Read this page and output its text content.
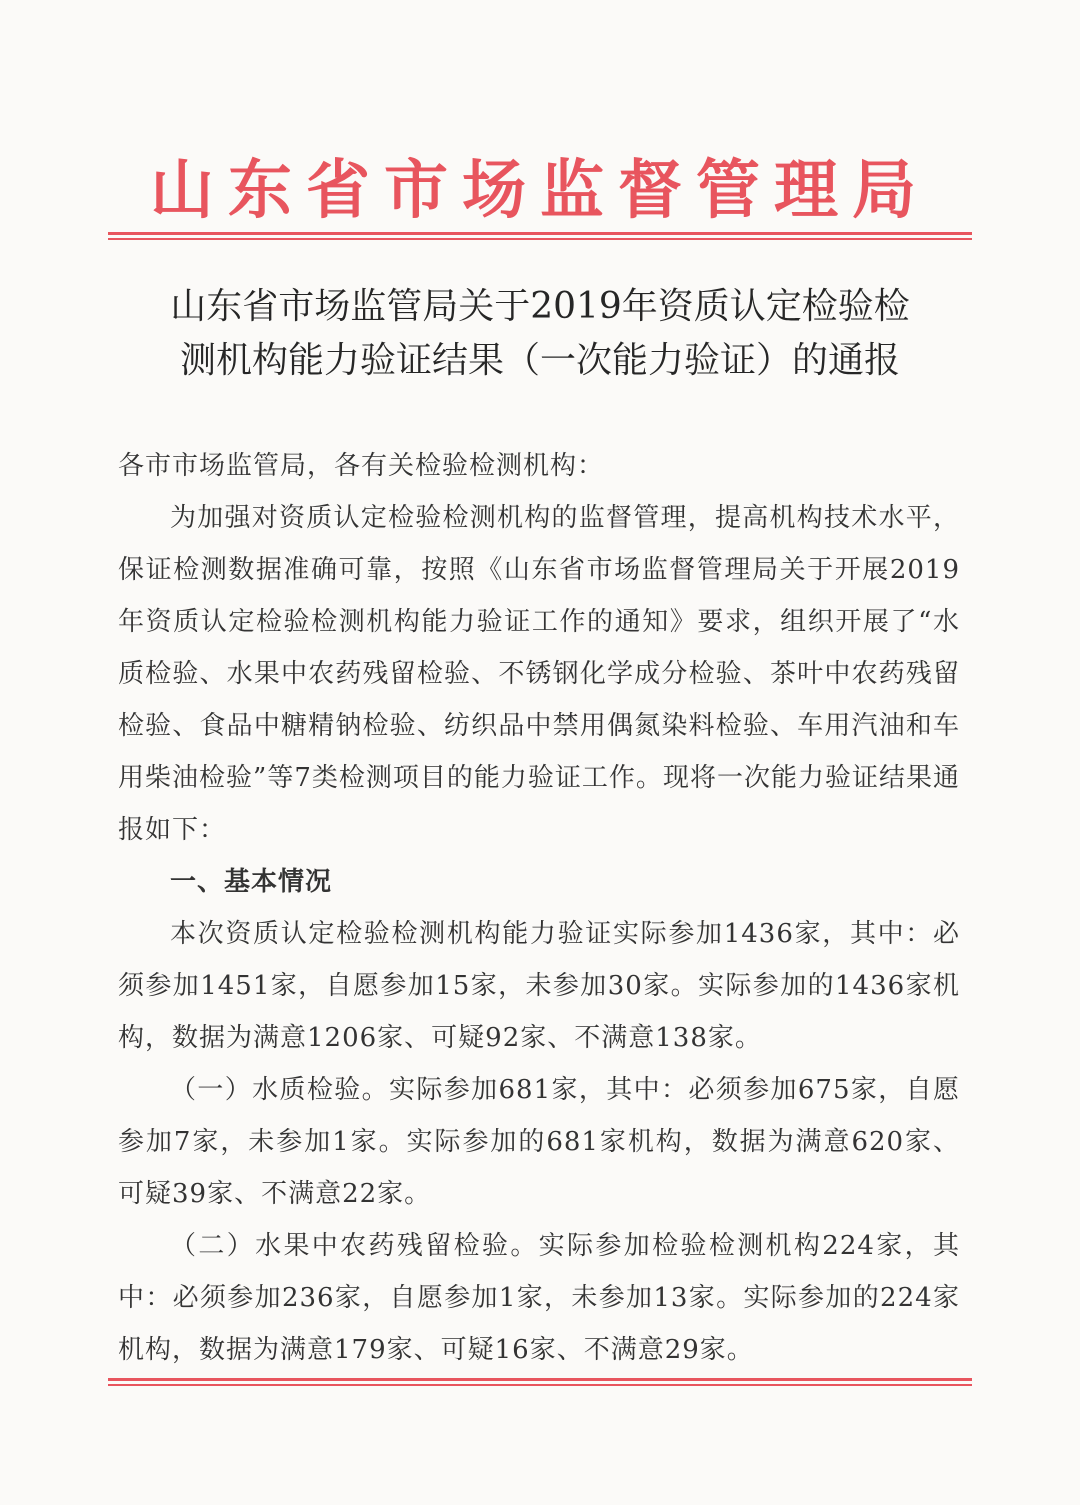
山东省市场监督管理局
山东省市场监管局关于2019年资质认定检验检
测机构能力验证结果（一次能力验证）的通报

各市市场监管局，各有关检验检测机构：

为加强对资质认定检验检测机构的监督管理，提高机构技术水平，保证检测数据准确可靠，按照《山东省市场监督管理局关于开展2019年资质认定检验检测机构能力验证工作的通知》要求，组织开展了“水质检验、水果中农药残留检验、不锈钢化学成分检验、茶叶中农药残留检验、食品中糖精钠检验、纺织品中禁用偶氮染料检验、车用汽油和车用柴油检验”等7类检测项目的能力验证工作。现将一次能力验证结果通报如下：

一、基本情况

本次资质认定检验检测机构能力验证实际参加1436家，其中：必须参加1451家，自愿参加15家，未参加30家。实际参加的1436家机构，数据为满意1206家、可疑92家、不满意138家。

（一）水质检验。实际参加681家，其中：必须参加675家，自愿参加7家，未参加1家。实际参加的681家机构，数据为满意620家、可疑39家、不满意22家。

（二）水果中农药残留检验。实际参加检验检测机构224家，其中：必须参加236家，自愿参加1家，未参加13家。实际参加的224家机构，数据为满意179家、可疑16家、不满意29家。
